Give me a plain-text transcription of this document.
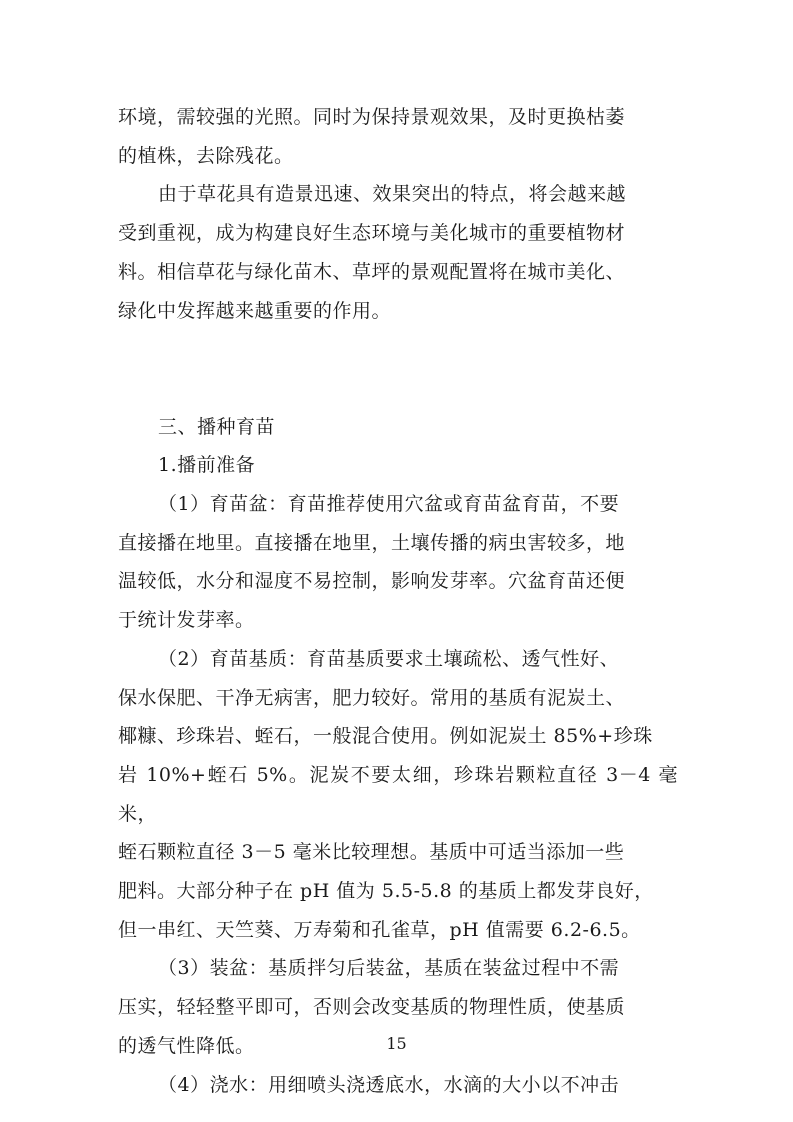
环境，需较强的光照。同时为保持景观效果，及时更换枯萎
的植株，去除残花。

由于草花具有造景迅速、效果突出的特点，将会越来越
受到重视，成为构建良好生态环境与美化城市的重要植物材
料。相信草花与绿化苗木、草坪的景观配置将在城市美化、
绿化中发挥越来越重要的作用。

三、播种育苗

1.播前准备

（1）育苗盆：育苗推荐使用穴盆或育苗盆育苗，不要
直接播在地里。直接播在地里，土壤传播的病虫害较多，地
温较低，水分和湿度不易控制，影响发芽率。穴盆育苗还便
于统计发芽率。

（2）育苗基质：育苗基质要求土壤疏松、透气性好、
保水保肥、干净无病害，肥力较好。常用的基质有泥炭土、
椰糠、珍珠岩、蛭石，一般混合使用。例如泥炭土 85%+珍珠
岩 10%+蛭石 5%。泥炭不要太细，珍珠岩颗粒直径 3－4 毫米，
蛭石颗粒直径 3－5 毫米比较理想。基质中可适当添加一些
肥料。大部分种子在 pH 值为 5.5-5.8 的基质上都发芽良好，
但一串红、天竺葵、万寿菊和孔雀草，pH 值需要 6.2-6.5。

（3）装盆：基质拌匀后装盆，基质在装盆过程中不需
压实，轻轻整平即可，否则会改变基质的物理性质，使基质
的透气性降低。

（4）浇水：用细喷头浇透底水，水滴的大小以不冲击

15
